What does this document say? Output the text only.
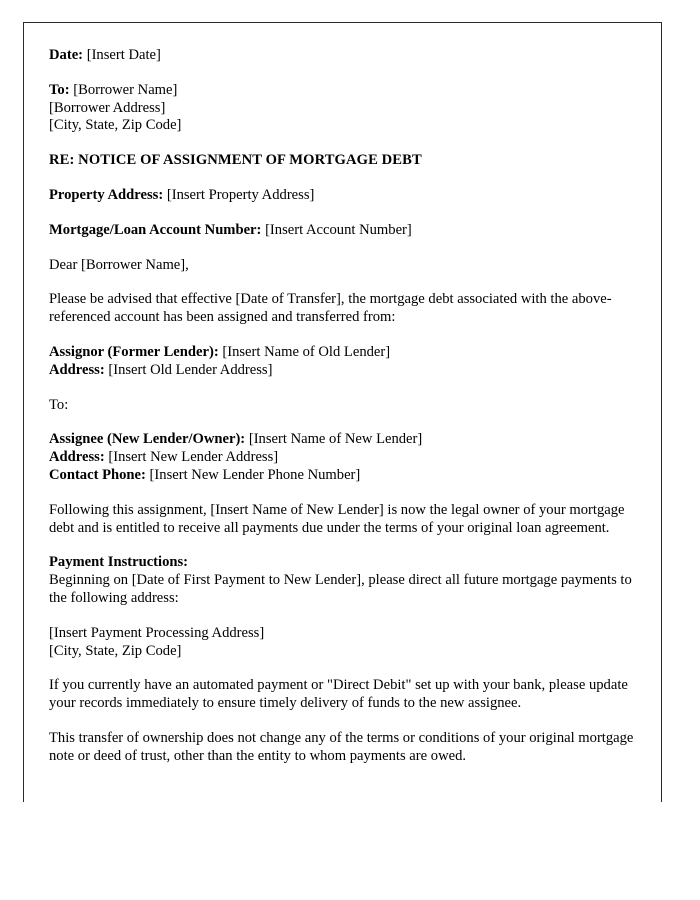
Date: [Insert Date]
To: [Borrower Name]
[Borrower Address]
[City, State, Zip Code]
RE: NOTICE OF ASSIGNMENT OF MORTGAGE DEBT
Property Address: [Insert Property Address]
Mortgage/Loan Account Number: [Insert Account Number]
Dear [Borrower Name],

Please be advised that effective [Date of Transfer], the mortgage debt associated with the above-referenced account has been assigned and transferred from:

Assignor (Former Lender): [Insert Name of Old Lender]
Address: [Insert Old Lender Address]
To:
Assignee (New Lender/Owner): [Insert Name of New Lender]
Address: [Insert New Lender Address]
Contact Phone: [Insert New Lender Phone Number]

Following this assignment, [Insert Name of New Lender] is now the legal owner of your mortgage debt and is entitled to receive all payments due under the terms of your original loan agreement.

Payment Instructions:
Beginning on [Date of First Payment to New Lender], please direct all future mortgage payments to the following address:
[Insert Payment Processing Address]
[City, State, Zip Code]

If you currently have an automated payment or "Direct Debit" set up with your bank, please update your records immediately to ensure timely delivery of funds to the new assignee.

This transfer of ownership does not change any of the terms or conditions of your original mortgage note or deed of trust, other than the entity to whom payments are owed.
